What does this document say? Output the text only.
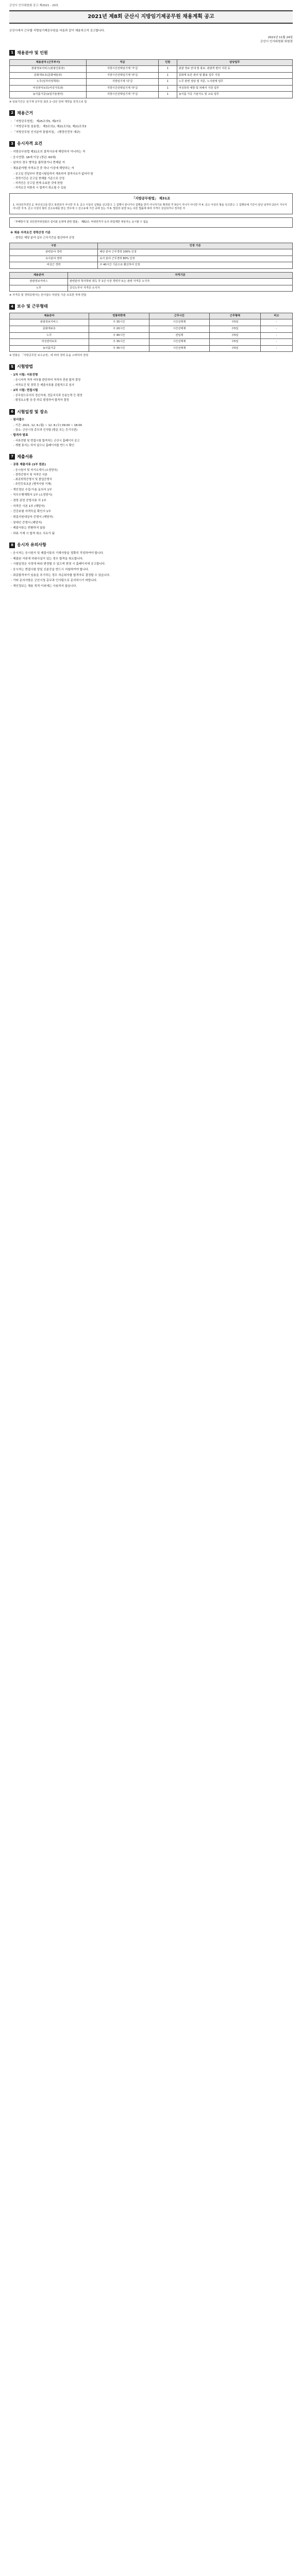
군산시 인사위원회 공고 제2021 - 20호
2021년 제8회 군산시 지방임기제공무원 채용계획 공고
군산시에서 근무할 지방임기제공무원을 다음과 같이 채용하고자 공고합니다.
2021년 11월 24일
군산시 인사위원회 위원장
1 채용분야 및 인원
채용분야 (근무부서)	직급	인원	담당업무
관광정보서비스(관광진흥과)	지방시간선택임기제 '가'급	1	관광 정보 안내 및 홍보, 관광객 편의 지원 등
문화재보호(문화예술과)	지방시간선택임기제 '라'급	1	문화재 보존 관리 및 활용 업무 지원
노무(일자리정책과)	지방임기제 '다'급	1	노무 관련 상담 및 자문, 노사관계 업무
여성권익보호(여성가족과)	지방시간선택임기제 '라'급	1	여성폭력 예방 및 피해자 지원 업무
농식품가공(농업기술센터)	지방시간선택임기제 '가'급	1	농식품 가공 기술지도 및 교육 업무
※ 임용기간은 임기제 공무원 최초 1~2년 단위 계약을 원칙으로 함
2 채용근거
◦ 「지방공무원법」 제25조의5, 제27조
◦ 「지방공무원 임용령」 제3조의2, 제21조의2, 제21조의3
◦ 「지방공무원 인사분야 통합지침」 (행정안전부 예규)
3 응시자격 요건
◦ 지방공무원법 제31조의 결격사유에 해당하지 아니하는 자
◦ 응시연령: 18세 이상 (정년: 60세)
◦ 남자의 경우 병역을 필하였거나 면제된 자
◦ 채용분야별 자격요건 중 하나 이상에 해당하는 자
- 공고일 전일부터 면접시험일까지 계속하여 결격사유가 없어야 함
- 경력기간은 공고일 현재를 기준으로 산정
- 자격증은 공고일 현재 유효한 것에 한함
- 자격요건 미충족 시 합격이 취소될 수 있음
「지방공무원법」 제31조
1. 피성년후견인 2. 파산선고를 받고 복권되지 아니한 자 3. 금고 이상의 실형을 선고받고 그 집행이 끝나거나 집행을 받지 아니하기로 확정된 후 5년이 지나지 아니한 자 4. 금고 이상의 형을 선고받고 그 집행유예 기간이 끝난 날부터 2년이 지나지 아니한 자 5. 금고 이상의 형의 선고유예를 받은 경우에 그 선고유예 기간 중에 있는 자 6. 법원의 판결 또는 다른 법률에 따라 자격이 상실되거나 정지된 자
「부패방지 및 국민권익위원회의 설치와 운영에 관한 법률」 제82조: 비위면직자 등의 취업제한 대상자는 응시할 수 없음
※ 채용 자격요건 경력산정 기준
- 경력은 해당 분야 실무 근무기간을 합산하여 산정
구분	인정 기준
관련분야 경력	해당 분야 근무경력 100% 인정
유사분야 경력	유사 분야 근무경력 80% 인정
비상근 경력	주 40시간 기준으로 환산하여 인정
채용분야	자격기준
관광정보서비스	관련분야 학사학위 취득 후 1년 이상 경력자 또는 관련 자격증 소지자
노무	공인노무사 자격증 소지자
※ 자격증 및 경력증명서는 원서접수 마감일 기준 유효한 것에 한함
4 보수 및 근무형태
채용분야	연봉하한액	근무시간	근무형태	비고
관광정보서비스	주 35시간	시간선택제	주5일	-
문화재보호	주 20시간	시간선택제	주5일	-
노무	주 40시간	전일제	주5일	-
여성권익보호	주 35시간	시간선택제	주5일	-
농식품가공	주 35시간	시간선택제	주5일	-
※ 연봉은 「지방공무원 보수규정」에 따라 경력 등을 고려하여 결정
5 시험방법
◦ 1차 시험: 서류전형
- 응시자격 적격 여부를 판단하여 적격자 전원 합격 결정
- 자격요건 및 경력 등 제출서류를 종합적으로 심사
◦ 2차 시험: 면접시험
- 공무원으로서의 정신자세, 전문지식과 응용능력 등 평정
- 평정요소별 상·중·하로 평정하여 합격자 결정
6 시험일정 및 장소
◦ 원서접수
- 기간: 2021. 12. 6.(월) ~ 12. 8.(수) 09:00 ~ 18:00
- 장소: 군산시청 총무과 인사팀 (방문 또는 등기우편)
◦ 합격자 발표
- 서류전형 및 면접시험 합격자는 군산시 홈페이지 공고
- 개별 통지는 하지 않으니 홈페이지를 반드시 확인
7 제출서류
◦ 공통 제출서류 (1부 원본)
- 응시원서 및 자기소개서 (소정양식)
- 경력증명서 및 자격증 사본
- 최종학력증명서 및 졸업증명서
- 주민등록초본 (병적사항 기재)
◦ 개인정보 수집·이용 동의서 1부
◦ 직무수행계획서 1부 (소정양식)
◦ 경력 관련 증빙서류 각 1부
◦ 자격증 사본 1부 (해당자)
◦ 건강보험 자격득실 확인서 1부
◦ 취업지원대상자 증명서 (해당자)
◦ 장애인 증명서 (해당자)
◦ 제출서류는 반환하지 않음
◦ 허위 기재 시 합격 취소 사유가 됨
8 응시자 유의사항
◦ 응시자는 응시원서 및 제출서류의 기재사항을 정확히 작성하여야 합니다.
◦ 제출된 서류에 허위사실이 있는 경우 합격을 취소합니다.
◦ 시험일정은 사정에 따라 변경될 수 있으며 변경 시 홈페이지에 공고합니다.
◦ 응시자는 면접시험 당일 신분증을 반드시 지참하여야 합니다.
◦ 최종합격자가 임용을 포기하는 경우 차순위자를 합격자로 결정할 수 있습니다.
◦ 기타 문의사항은 군산시청 총무과 인사팀으로 문의하시기 바랍니다.
◦ 개인정보는 채용 목적 이외에는 사용하지 않습니다.
